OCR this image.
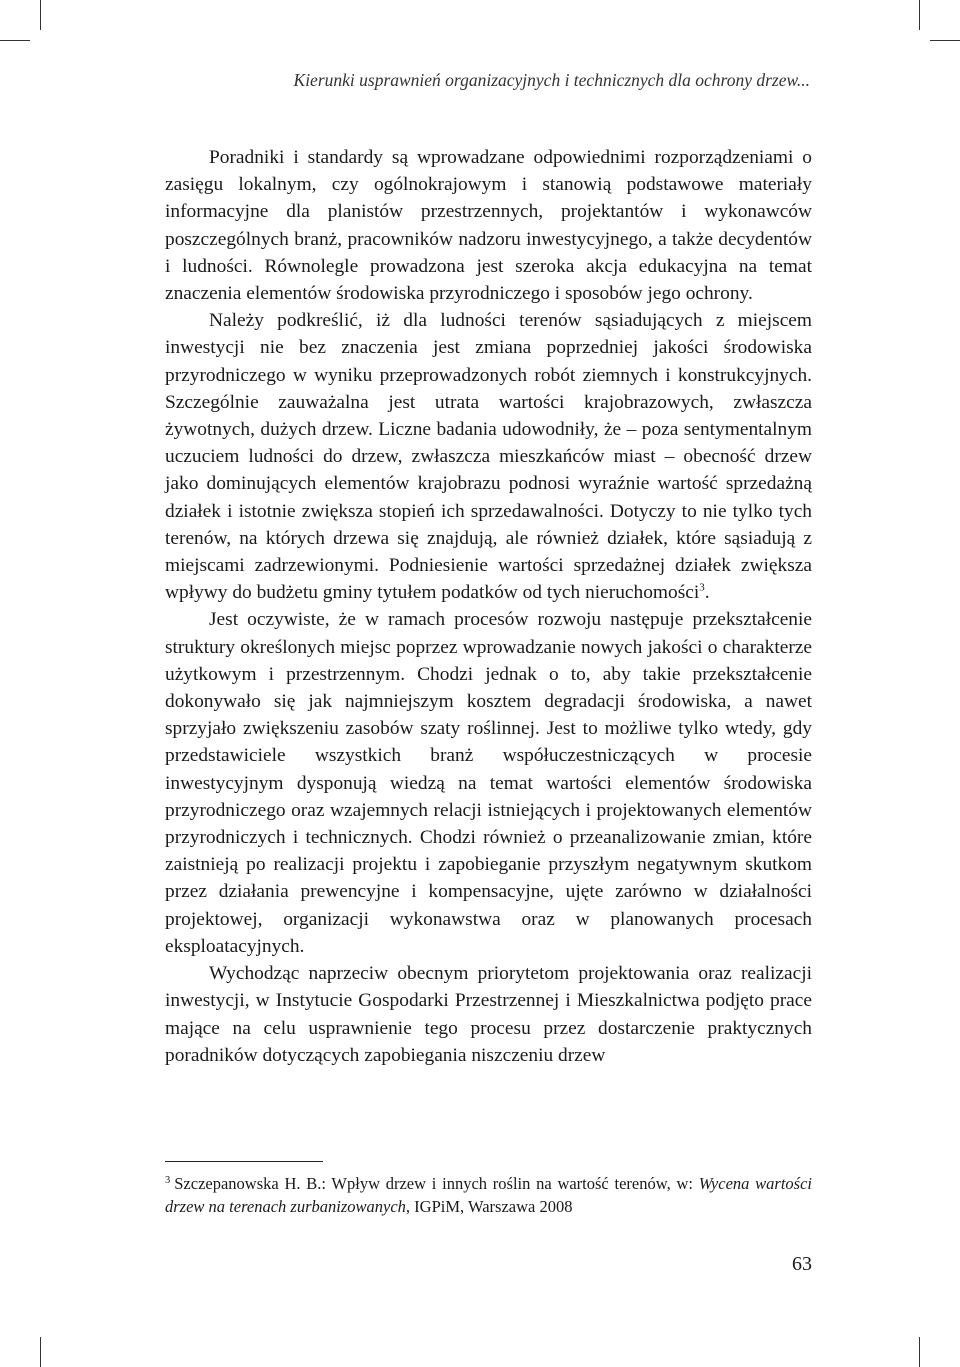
Kierunki usprawnień organizacyjnych i technicznych dla ochrony drzew...

Poradniki i standardy są wprowadzane odpowiednimi rozporządzeniami o zasięgu lokalnym, czy ogólnokrajowym i stanowią podstawowe materiały informacyjne dla planistów przestrzennych, projektantów i wykonawców poszczególnych branż, pracowników nadzoru inwestycyjnego, a także decydentów i ludności. Równolegle prowadzona jest szeroka akcja edukacyjna na temat znaczenia elementów środowiska przyrodniczego i sposobów jego ochrony.

Należy podkreślić, iż dla ludności terenów sąsiadujących z miejscem inwestycji nie bez znaczenia jest zmiana poprzedniej jakości środowiska przyrodniczego w wyniku przeprowadzonych robót ziemnych i konstrukcyjnych. Szczególnie zauważalna jest utrata wartości krajobrazowych, zwłaszcza żywotnych, dużych drzew. Liczne badania udowodniły, że – poza sentymentalnym uczuciem ludności do drzew, zwłaszcza mieszkańców miast – obecność drzew jako dominujących elementów krajobrazu podnosi wyraźnie wartość sprzedażną działek i istotnie zwiększa stopień ich sprzedawalności. Dotyczy to nie tylko tych terenów, na których drzewa się znajdują, ale również działek, które sąsiadują z miejscami zadrzewionymi. Podniesienie wartości sprzedażnej działek zwiększa wpływy do budżetu gminy tytułem podatków od tych nieruchomości$^3$.

Jest oczywiste, że w ramach procesów rozwoju następuje przekształcenie struktury określonych miejsc poprzez wprowadzanie nowych jakości o charakterze użytkowym i przestrzennym. Chodzi jednak o to, aby takie przekształcenie dokonywało się jak najmniejszym kosztem degradacji środowiska, a nawet sprzyjało zwiększeniu zasobów szaty roślinnej. Jest to możliwe tylko wtedy, gdy przedstawiciele wszystkich branż współuczestniczących w procesie inwestycyjnym dysponują wiedzą na temat wartości elementów środowiska przyrodniczego oraz wzajemnych relacji istniejących i projektowanych elementów przyrodniczych i technicznych. Chodzi również o przeanalizowanie zmian, które zaistnieją po realizacji projektu i zapobieganie przyszłym negatywnym skutkom przez działania prewencyjne i kompensacyjne, ujęte zarówno w działalności projektowej, organizacji wykonawstwa oraz w planowanych procesach eksploatacyjnych.

Wychodząc naprzeciw obecnym priorytetom projektowania oraz realizacji inwestycji, w Instytucie Gospodarki Przestrzennej i Mieszkalnictwa podjęto prace mające na celu usprawnienie tego procesu przez dostarczenie praktycznych poradników dotyczących zapobiegania niszczeniu drzew

$^3$ Szczepanowska H. B.: Wpływ drzew i innych roślin na wartość terenów, w: Wycena wartości drzew na terenach zurbanizowanych, IGPiM, Warszawa 2008
63
